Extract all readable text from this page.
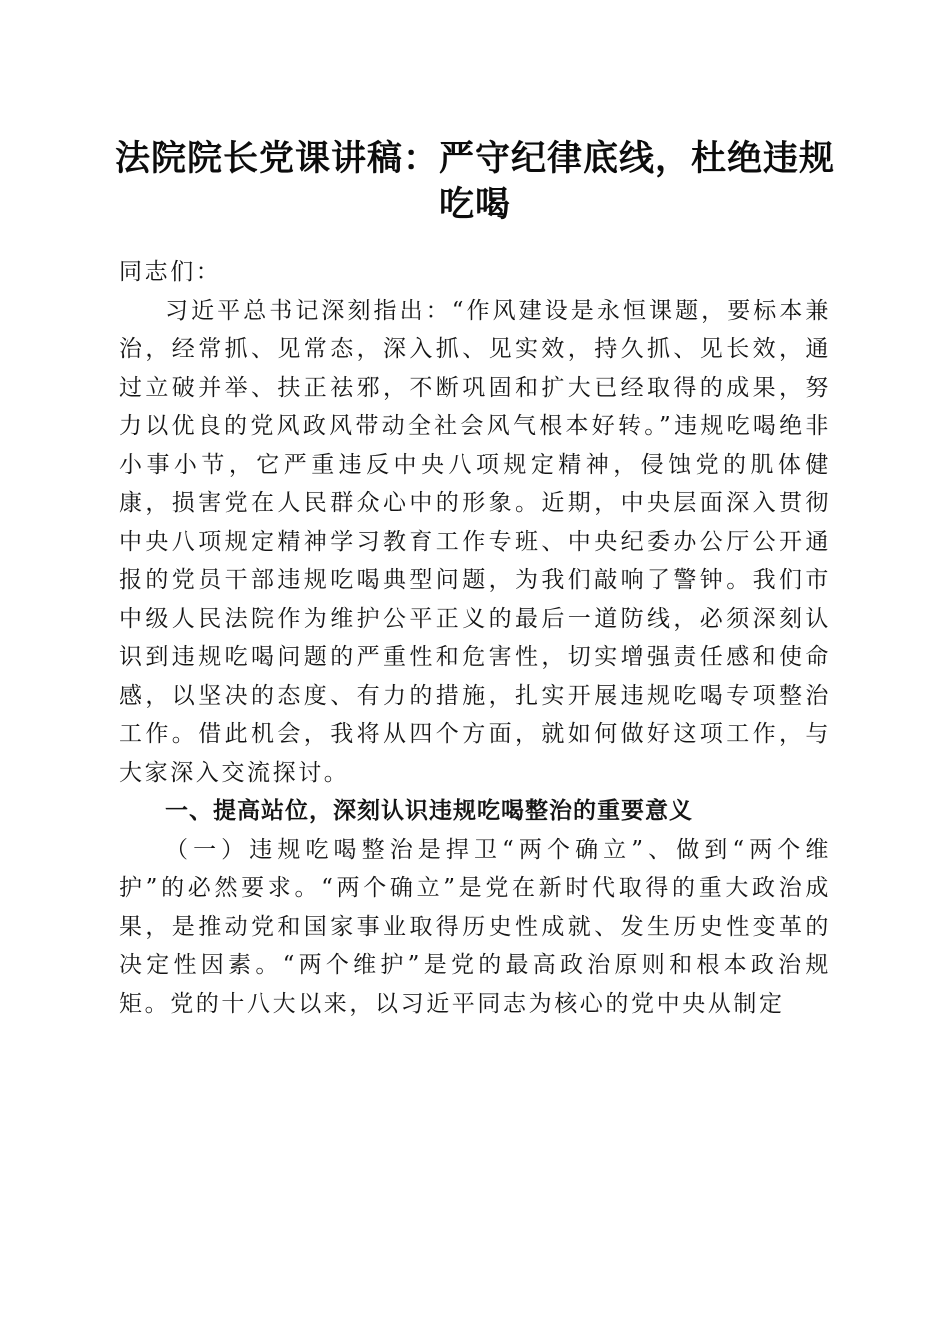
法院院长党课讲稿：严守纪律底线，杜绝违规吃喝

同志们：

习近平总书记深刻指出：“作风建设是永恒课题，要标本兼治，经常抓、见常态，深入抓、见实效，持久抓、见长效，通过立破并举、扶正祛邪，不断巩固和扩大已经取得的成果，努力以优良的党风政风带动全社会风气根本好转。”违规吃喝绝非小事小节，它严重违反中央八项规定精神，侵蚀党的肌体健康，损害党在人民群众心中的形象。近期，中央层面深入贯彻中央八项规定精神学习教育工作专班、中央纪委办公厅公开通报的党员干部违规吃喝典型问题，为我们敲响了警钟。我们市中级人民法院作为维护公平正义的最后一道防线，必须深刻认识到违规吃喝问题的严重性和危害性，切实增强责任感和使命感，以坚决的态度、有力的措施，扎实开展违规吃喝专项整治工作。借此机会，我将从四个方面，就如何做好这项工作，与大家深入交流探讨。

一、提高站位，深刻认识违规吃喝整治的重要意义

（一）违规吃喝整治是捍卫“两个确立”、做到“两个维护”的必然要求。“两个确立”是党在新时代取得的重大政治成果，是推动党和国家事业取得历史性成就、发生历史性变革的决定性因素。“两个维护”是党的最高政治原则和根本政治规矩。党的十八大以来，以习近平同志为核心的党中央从制定
